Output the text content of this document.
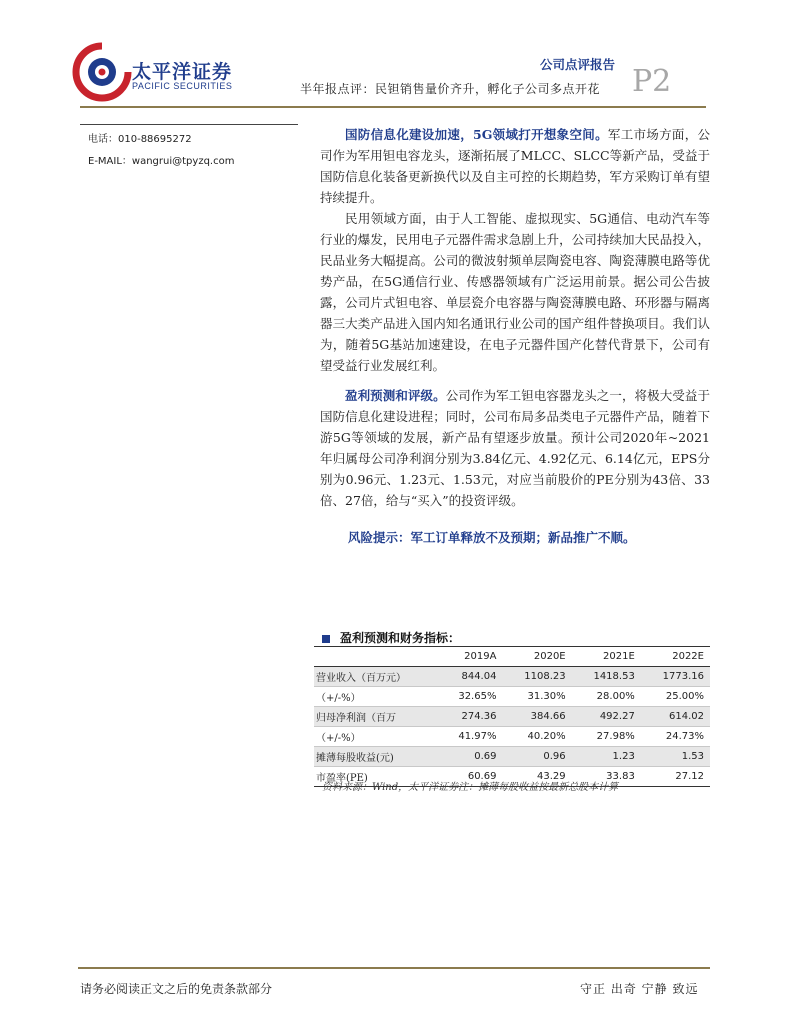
太平洋证券
PACIFIC SECURITIES
公司点评报告
半年报点评：民钽销售量价齐升，孵化子公司多点开花 P2
电话：010-88695272
E-MAIL：wangrui@tpyzq.com

国防信息化建设加速，5G领域打开想象空间。军工市场方面，公司作为军用钽电容龙头，逐渐拓展了MLCC、SLCC等新产品，受益于国防信息化装备更新换代以及自主可控的长期趋势，军方采购订单有望持续提升。

民用领域方面，由于人工智能、虚拟现实、5G通信、电动汽车等行业的爆发，民用电子元器件需求急剧上升，公司持续加大民品投入，民品业务大幅提高。公司的微波射频单层陶瓷电容、陶瓷薄膜电路等优势产品，在5G通信行业、传感器领域有广泛运用前景。据公司公告披露，公司片式钽电容、单层瓷介电容器与陶瓷薄膜电路、环形器与隔离器三大类产品进入国内知名通讯行业公司的国产组件替换项目。我们认为，随着5G基站加速建设，在电子元器件国产化替代背景下，公司有望受益行业发展红利。

盈利预测和评级。公司作为军工钽电容器龙头之一，将极大受益于国防信息化建设进程；同时，公司布局多品类电子元器件产品，随着下游5G等领域的发展，新产品有望逐步放量。预计公司2020年~2021年归属母公司净利润分别为3.84亿元、4.92亿元、6.14亿元，EPS分别为0.96元、1.23元、1.53元，对应当前股价的PE分别为43倍、33倍、27倍，给与“买入”的投资评级。

风险提示：军工订单释放不及预期；新品推广不顺。
盈利预测和财务指标：
	2019A	2020E	2021E	2022E
营业收入（百万元）	844.04	1108.23	1418.53	1773.16
（+/-%）	32.65%	31.30%	28.00%	25.00%
归母净利润（百万	274.36	384.66	492.27	614.02
（+/-%）	41.97%	40.20%	27.98%	24.73%
摊薄每股收益(元)	0.69	0.96	1.23	1.53
市盈率(PE)	60.69	43.29	33.83	27.12
资料来源：Wind，太平洋证券注：摊薄每股收益按最新总股本计算
请务必阅读正文之后的免责条款部分	守正 出奇 宁静 致远
